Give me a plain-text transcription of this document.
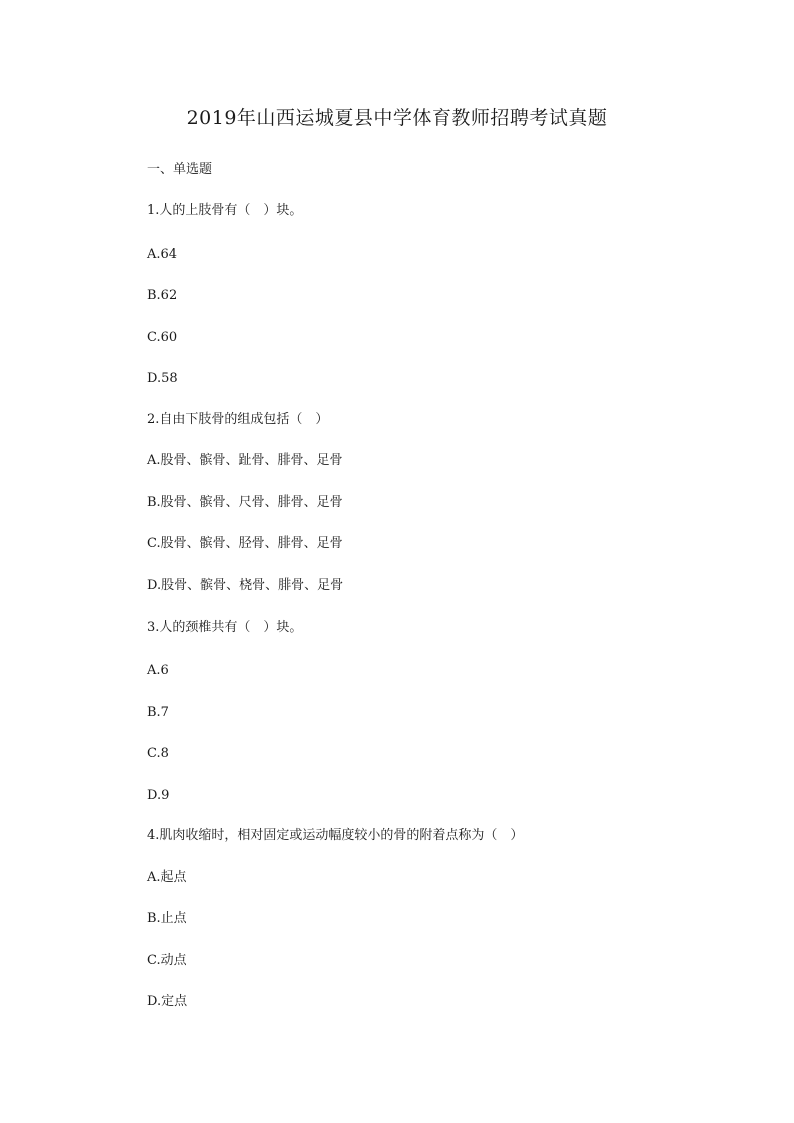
2019年山西运城夏县中学体育教师招聘考试真题

一、单选题

1.人的上肢骨有（　）块。

A.64

B.62

C.60

D.58

2.自由下肢骨的组成包括（　）

A.股骨、髌骨、趾骨、腓骨、足骨

B.股骨、髌骨、尺骨、腓骨、足骨

C.股骨、髌骨、胫骨、腓骨、足骨

D.股骨、髌骨、桡骨、腓骨、足骨

3.人的颈椎共有（　）块。

A.6

B.7

C.8

D.9

4.肌肉收缩时，相对固定或运动幅度较小的骨的附着点称为（　）

A.起点

B.止点

C.动点

D.定点
